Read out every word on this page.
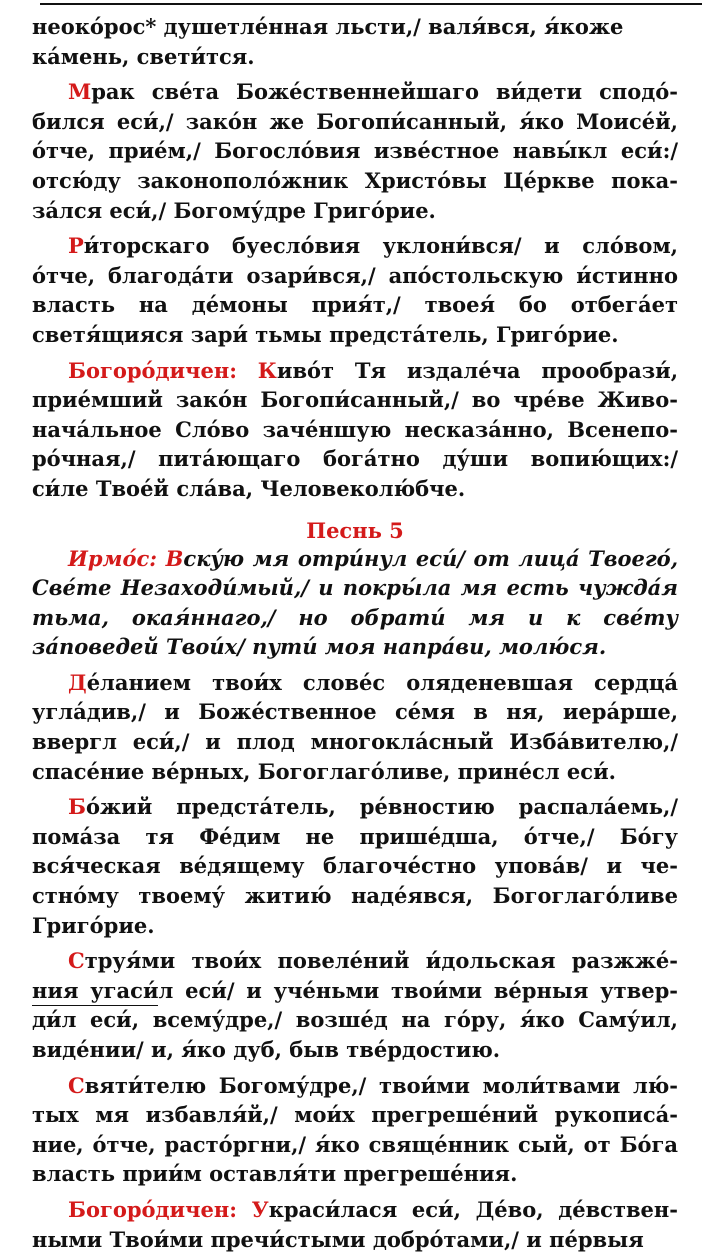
неоко́рос* душетле́нная льсти,/ валя́вся, я́коже
ка́мень, свети́тся.

Мрак све́та Боже́ственнейшаго ви́дети сподó-бился еси́,/ зако́н же Богопи́санный, я́ко Моисе́й, о́тче, прие́м,/ Богосло́вия изве́стное навы́кл еси́:/ отсю́ду законополо́жник Христо́вы Це́ркве пока-за́лся еси́,/ Богому́дре Григо́рие.

Ри́торскаго буесло́вия уклони́вся/ и сло́вом, о́тче, благода́ти озари́вся,/ апо́стольскую и́стинно власть на де́моны прия́т,/ твоея́ бо отбега́ет светя́щияся зари́ тьмы предста́тель, Григо́рие.

Богоро́дичен: Киво́т Тя издале́ча прообрази́, прие́мший зако́н Богопи́санный,/ во чре́ве Живо-нача́льное Сло́во заче́ншую несказа́нно, Всенепо-ро́чная,/ пита́ющаго бога́тно ду́ши вопию́щих:/ си́ле Твое́й сла́ва, Человеколю́бче.

Песнь 5

Ирмо́с: Вску́ю мя отри́нул еси́/ от лица́ Твоего́, Све́те Незаходи́мый,/ и покры́ла мя есть чужда́я тьма, окая́ннаго,/ но обрати́ мя и к све́ту за́поведей Твои́х/ пути́ моя напра́ви, молю́ся.

Де́ланием твои́х слове́с оляденевшая сердца́ угла́див,/ и Боже́ственное се́мя в ня, иера́рше, ввергл еси́,/ и плод многокла́сный Изба́вителю,/ спасе́ние ве́рных, Богоглаго́ливе, прине́сл еси́.

Бо́жий предста́тель, ре́вностию распала́емь,/ пома́за тя Фе́дим не прише́дша, о́тче,/ Бо́гу вся́ческая ве́дящему благоче́стно упова́в/ и че-стно́му твоему́ житию́ наде́явся, Богоглаго́ливе Григо́рие.

Струя́ми твои́х повеле́ний и́дольская разжже́-ния угаси́л еси́/ и уче́ньми твои́ми ве́рныя утвер-ди́л еси́, всему́дре,/ возше́д на го́ру, я́ко Саму́ил, виде́нии/ и, я́ко дуб, быв тве́рдостию.

Святи́телю Богому́дре,/ твои́ми моли́твами лю́-тых мя избавля́й,/ мои́х прегреше́ний рукописа́-ние, о́тче, расто́ргни,/ я́ко свяще́нник сый, от Бо́га власть прии́м оставля́ти прегреше́ния.

Богоро́дичен: Украси́лася еси́, Де́во, де́вствен-ными Твои́ми пречи́стыми добро́тами,/ и пе́рвыя
